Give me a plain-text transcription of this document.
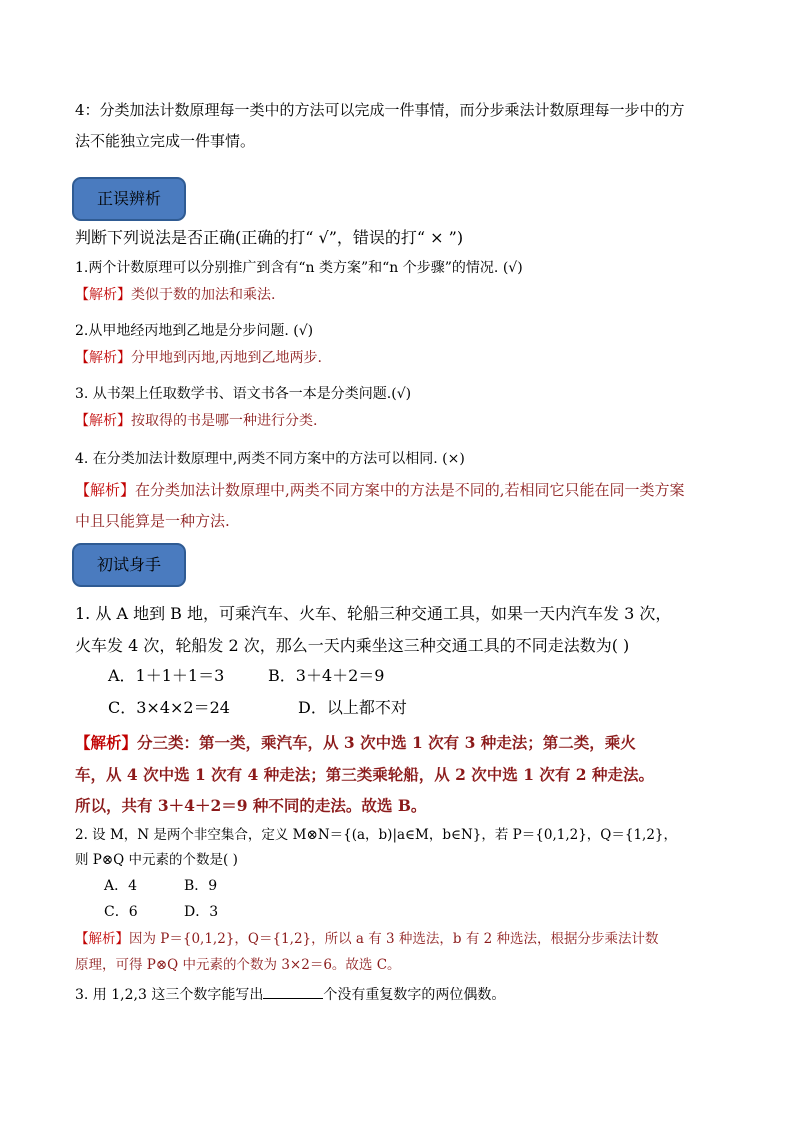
4：分类加法计数原理每一类中的方法可以完成一件事情，而分步乘法计数原理每一步中的方
法不能独立完成一件事情。
正误辨析
判断下列说法是否正确(正确的打“ √”，错误的打“ × ”)
1.两个计数原理可以分别推广到含有“n 类方案”和“n 个步骤”的情况. (√)
【解析】类似于数的加法和乘法.
2.从甲地经丙地到乙地是分步问题. (√)
【解析】分甲地到丙地,丙地到乙地两步.
3. 从书架上任取数学书、语文书各一本是分类问题.(√)
【解析】按取得的书是哪一种进行分类.
4. 在分类加法计数原理中,两类不同方案中的方法可以相同. (×)
【解析】在分类加法计数原理中,两类不同方案中的方法是不同的,若相同它只能在同一类方案
中且只能算是一种方法.
初试身手
1. 从 A 地到 B 地，可乘汽车、火车、轮船三种交通工具，如果一天内汽车发 3 次，
火车发 4 次，轮船发 2 次，那么一天内乘坐这三种交通工具的不同走法数为( )
A．1＋1＋1＝3	B．3＋4＋2＝9
C．3×4×2＝24	D．以上都不对
【解析】分三类：第一类，乘汽车，从 3 次中选 1 次有 3 种走法；第二类，乘火
车，从 4 次中选 1 次有 4 种走法；第三类乘轮船，从 2 次中选 1 次有 2 种走法。
所以，共有 3＋4＋2＝9 种不同的走法。故选 B。
2. 设 M，N 是两个非空集合，定义 M⊗N＝{(a，b)|a∈M，b∈N}，若 P＝{0,1,2}，Q＝{1,2}，
则 P⊗Q 中元素的个数是( )
A．4	B．9
C．6	D．3
【解析】因为 P＝{0,1,2}，Q＝{1,2}，所以 a 有 3 种选法，b 有 2 种选法，根据分步乘法计数
原理，可得 P⊗Q 中元素的个数为 3×2＝6。故选 C。
3. 用 1,2,3 这三个数字能写出	个没有重复数字的两位偶数。
